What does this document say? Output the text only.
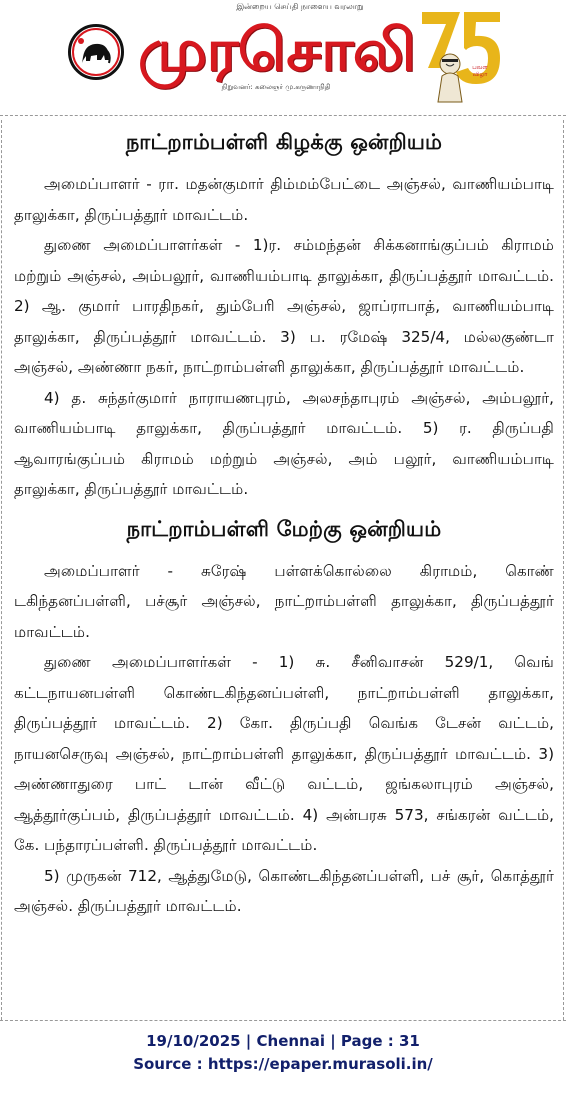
இன்றைய செய்தி நாளைய வரலாறு
முரசொலி
நிறுவனர்: கலைஞர் மு.கருணாநிதி
பவள விழா
நாட்றாம்பள்ளி கிழக்கு ஒன்றியம்

அமைப்பாளர் - ரா. மதன்குமார் திம்மம்பேட்டை அஞ்சல், வாணியம்பாடி தாலுக்கா, திருப்பத்தூர் மாவட்டம்.

துணை அமைப்பாளர்கள் - 1)ர. சம்மந்தன் சிக்கனாங்குப்பம் கிராமம் மற்றும் அஞ்சல், அம்பலூர், வாணியம்பாடி தாலுக்கா, திருப்பத்தூர் மாவட்டம். 2) ஆ. குமார் பாரதிநகர், தும்பேரி அஞ்சல், ஜாப்ராபாத், வாணியம்பாடி தாலுக்கா, திருப்பத்தூர் மாவட்டம். 3) ப. ரமேஷ் 325/4, மல்லகுண்டா அஞ்சல், அண்ணா நகர், நாட்றாம்பள்ளி தாலுக்கா, திருப்பத்தூர் மாவட்டம்.

4) த. சுந்தர்குமார் நாராயணபுரம், அலசந்தாபுரம் அஞ்சல், அம்பலூர், வாணியம்பாடி தாலுக்கா, திருப்பத்தூர் மாவட்டம். 5) ர. திருப்பதி ஆவாரங்குப்பம் கிராமம் மற்றும் அஞ்சல், அம் பலூர், வாணியம்பாடி தாலுக்கா, திருப்பத்தூர் மாவட்டம்.

நாட்றாம்பள்ளி மேற்கு ஒன்றியம்

அமைப்பாளர் - சுரேஷ் பள்ளக்கொல்லை கிராமம், கொண் டகிந்தனப்பள்ளி, பச்சூர் அஞ்சல், நாட்றாம்பள்ளி தாலுக்கா, திருப்பத்தூர் மாவட்டம்.

துணை அமைப்பாளர்கள் - 1) சு. சீனிவாசன் 529/1, வெங் கட்டநாயனபள்ளி கொண்டகிந்தனப்பள்ளி, நாட்றாம்பள்ளி தாலுக்கா, திருப்பத்தூர் மாவட்டம். 2) கோ. திருப்பதி வெங்க டேசன் வட்டம், நாயனசெருவு அஞ்சல், நாட்றாம்பள்ளி தாலுக்கா, திருப்பத்தூர் மாவட்டம். 3) அண்ணாதுரை பாட் டான் வீட்டு வட்டம், ஜங்கலாபுரம் அஞ்சல், ஆத்தூர்குப்பம், திருப்பத்தூர் மாவட்டம். 4) அன்பரசு 573, சங்கரன் வட்டம், கே. பந்தாரப்பள்ளி. திருப்பத்தூர் மாவட்டம்.

5) முருகன் 712, ஆத்துமேடு, கொண்டகிந்தனப்பள்ளி, பச் சூர், கொத்தூர் அஞ்சல். திருப்பத்தூர் மாவட்டம்.

19/10/2025 | Chennai | Page : 31
Source : https://epaper.murasoli.in/
